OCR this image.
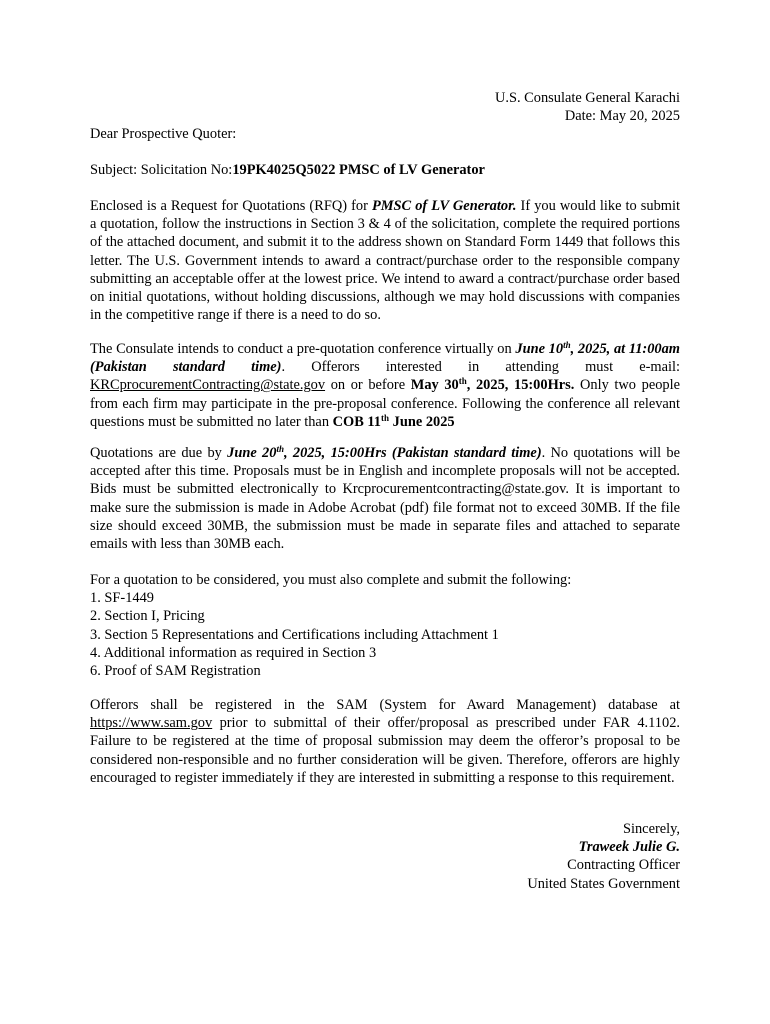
U.S. Consulate General Karachi

Date: May 20, 2025

Dear Prospective Quoter:

Subject: Solicitation No:19PK4025Q5022 PMSC of LV Generator

Enclosed is a Request for Quotations (RFQ) for PMSC of LV Generator. If you would like to submit a quotation, follow the instructions in Section 3 & 4 of the solicitation, complete the required portions of the attached document, and submit it to the address shown on Standard Form 1449 that follows this letter. The U.S. Government intends to award a contract/purchase order to the responsible company submitting an acceptable offer at the lowest price. We intend to award a contract/purchase order based on initial quotations, without holding discussions, although we may hold discussions with companies in the competitive range if there is a need to do so.

The Consulate intends to conduct a pre-quotation conference virtually on June 10th, 2025, at 11:00am (Pakistan standard time). Offerors interested in attending must e-mail: KRCprocurementContracting@state.gov on or before May 30th, 2025, 15:00Hrs. Only two people from each firm may participate in the pre-proposal conference. Following the conference all relevant questions must be submitted no later than COB 11th June 2025

Quotations are due by June 20th, 2025, 15:00Hrs (Pakistan standard time). No quotations will be accepted after this time. Proposals must be in English and incomplete proposals will not be accepted. Bids must be submitted electronically to Krcprocurementcontracting@state.gov. It is important to make sure the submission is made in Adobe Acrobat (pdf) file format not to exceed 30MB. If the file size should exceed 30MB, the submission must be made in separate files and attached to separate emails with less than 30MB each.

For a quotation to be considered, you must also complete and submit the following:

1. SF-1449

2. Section I, Pricing

3. Section 5 Representations and Certifications including Attachment 1

4. Additional information as required in Section 3

6. Proof of SAM Registration

Offerors shall be registered in the SAM (System for Award Management) database at https://www.sam.gov prior to submittal of their offer/proposal as prescribed under FAR 4.1102. Failure to be registered at the time of proposal submission may deem the offeror’s proposal to be considered non-responsible and no further consideration will be given. Therefore, offerors are highly encouraged to register immediately if they are interested in submitting a response to this requirement.

Sincerely,

Traweek Julie G.

Contracting Officer

United States Government
